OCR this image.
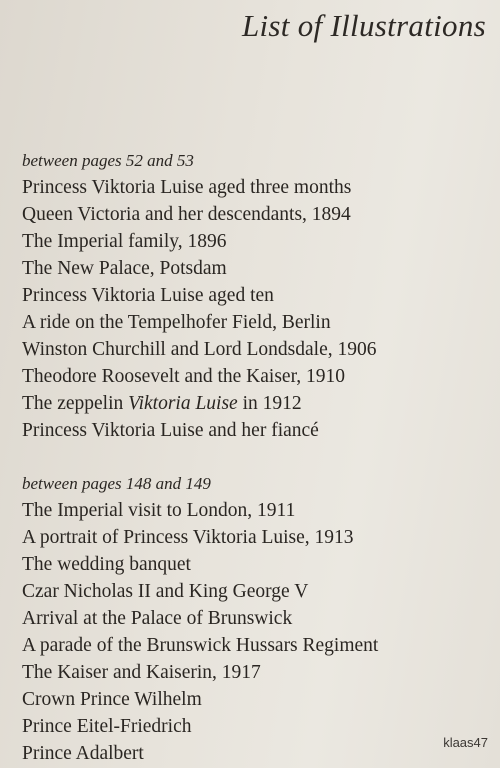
List of Illustrations
between pages 52 and 53
Princess Viktoria Luise aged three months
Queen Victoria and her descendants, 1894
The Imperial family, 1896
The New Palace, Potsdam
Princess Viktoria Luise aged ten
A ride on the Tempelhofer Field, Berlin
Winston Churchill and Lord Londsdale, 1906
Theodore Roosevelt and the Kaiser, 1910
The zeppelin Viktoria Luise in 1912
Princess Viktoria Luise and her fiancé
between pages 148 and 149
The Imperial visit to London, 1911
A portrait of Princess Viktoria Luise, 1913
The wedding banquet
Czar Nicholas II and King George V
Arrival at the Palace of Brunswick
A parade of the Brunswick Hussars Regiment
The Kaiser and Kaiserin, 1917
Crown Prince Wilhelm
Prince Eitel-Friedrich
Prince Adalbert
klaas47
